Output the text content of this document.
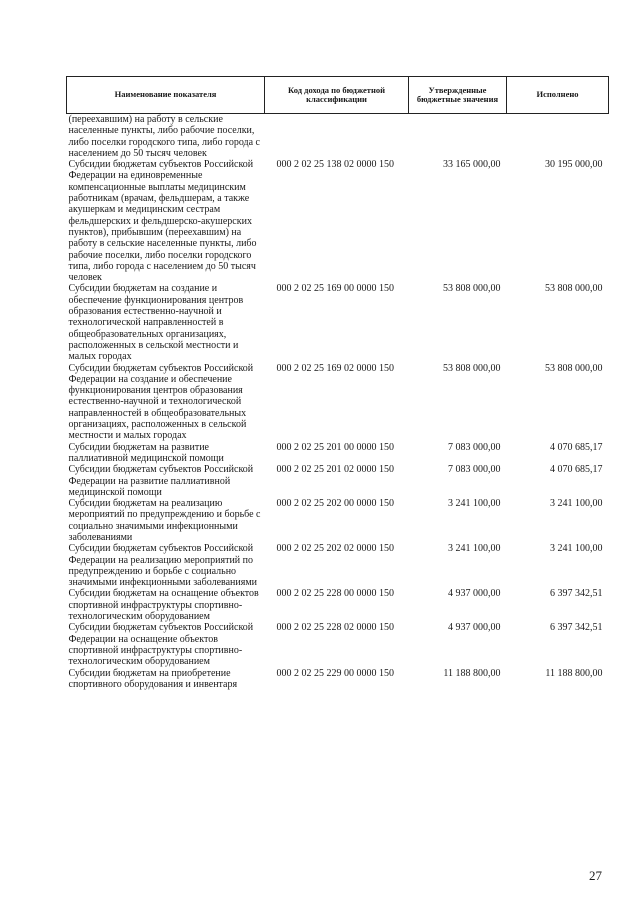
Наименование показателя	Код дохода по бюджетной классификации	Утвержденные бюджетные значения	Исполнено
(переехавшим) на работу в сельские населенные пункты, либо рабочие поселки, либо поселки городского типа, либо города с населением до 50 тысяч человек			
Субсидии бюджетам субъектов Российской Федерации на единовременные компенсационные выплаты медицинским работникам (врачам, фельдшерам, а также акушеркам и медицинским сестрам фельдшерских и фельдшерско-акушерских пунктов), прибывшим (переехавшим) на работу в сельские населенные пункты, либо рабочие поселки, либо поселки городского типа, либо города с населением до 50 тысяч человек	000 2 02 25 138 02 0000 150	33 165 000,00	30 195 000,00
Субсидии бюджетам на создание и обеспечение функционирования центров образования естественно-научной и технологической направленностей в общеобразовательных организациях, расположенных в сельской местности и малых городах	000 2 02 25 169 00 0000 150	53 808 000,00	53 808 000,00
Субсидии бюджетам субъектов Российской Федерации на создание и обеспечение функционирования центров образования естественно-научной и технологической направленностей в общеобразовательных организациях, расположенных в сельской местности и малых городах	000 2 02 25 169 02 0000 150	53 808 000,00	53 808 000,00
Субсидии бюджетам на развитие паллиативной медицинской помощи	000 2 02 25 201 00 0000 150	7 083 000,00	4 070 685,17
Субсидии бюджетам субъектов Российской Федерации на развитие паллиативной медицинской помощи	000 2 02 25 201 02 0000 150	7 083 000,00	4 070 685,17
Субсидии бюджетам на реализацию мероприятий по предупреждению и борьбе с социально значимыми инфекционными заболеваниями	000 2 02 25 202 00 0000 150	3 241 100,00	3 241 100,00
Субсидии бюджетам субъектов Российской Федерации на реализацию мероприятий по предупреждению и борьбе с социально значимыми инфекционными заболеваниями	000 2 02 25 202 02 0000 150	3 241 100,00	3 241 100,00
Субсидии бюджетам на оснащение объектов спортивной инфраструктуры спортивно-технологическим оборудованием	000 2 02 25 228 00 0000 150	4 937 000,00	6 397 342,51
Субсидии бюджетам субъектов Российской Федерации на оснащение объектов спортивной инфраструктуры спортивно-технологическим оборудованием	000 2 02 25 228 02 0000 150	4 937 000,00	6 397 342,51
Субсидии бюджетам на приобретение спортивного оборудования и инвентаря	000 2 02 25 229 00 0000 150	11 188 800,00	11 188 800,00
27
